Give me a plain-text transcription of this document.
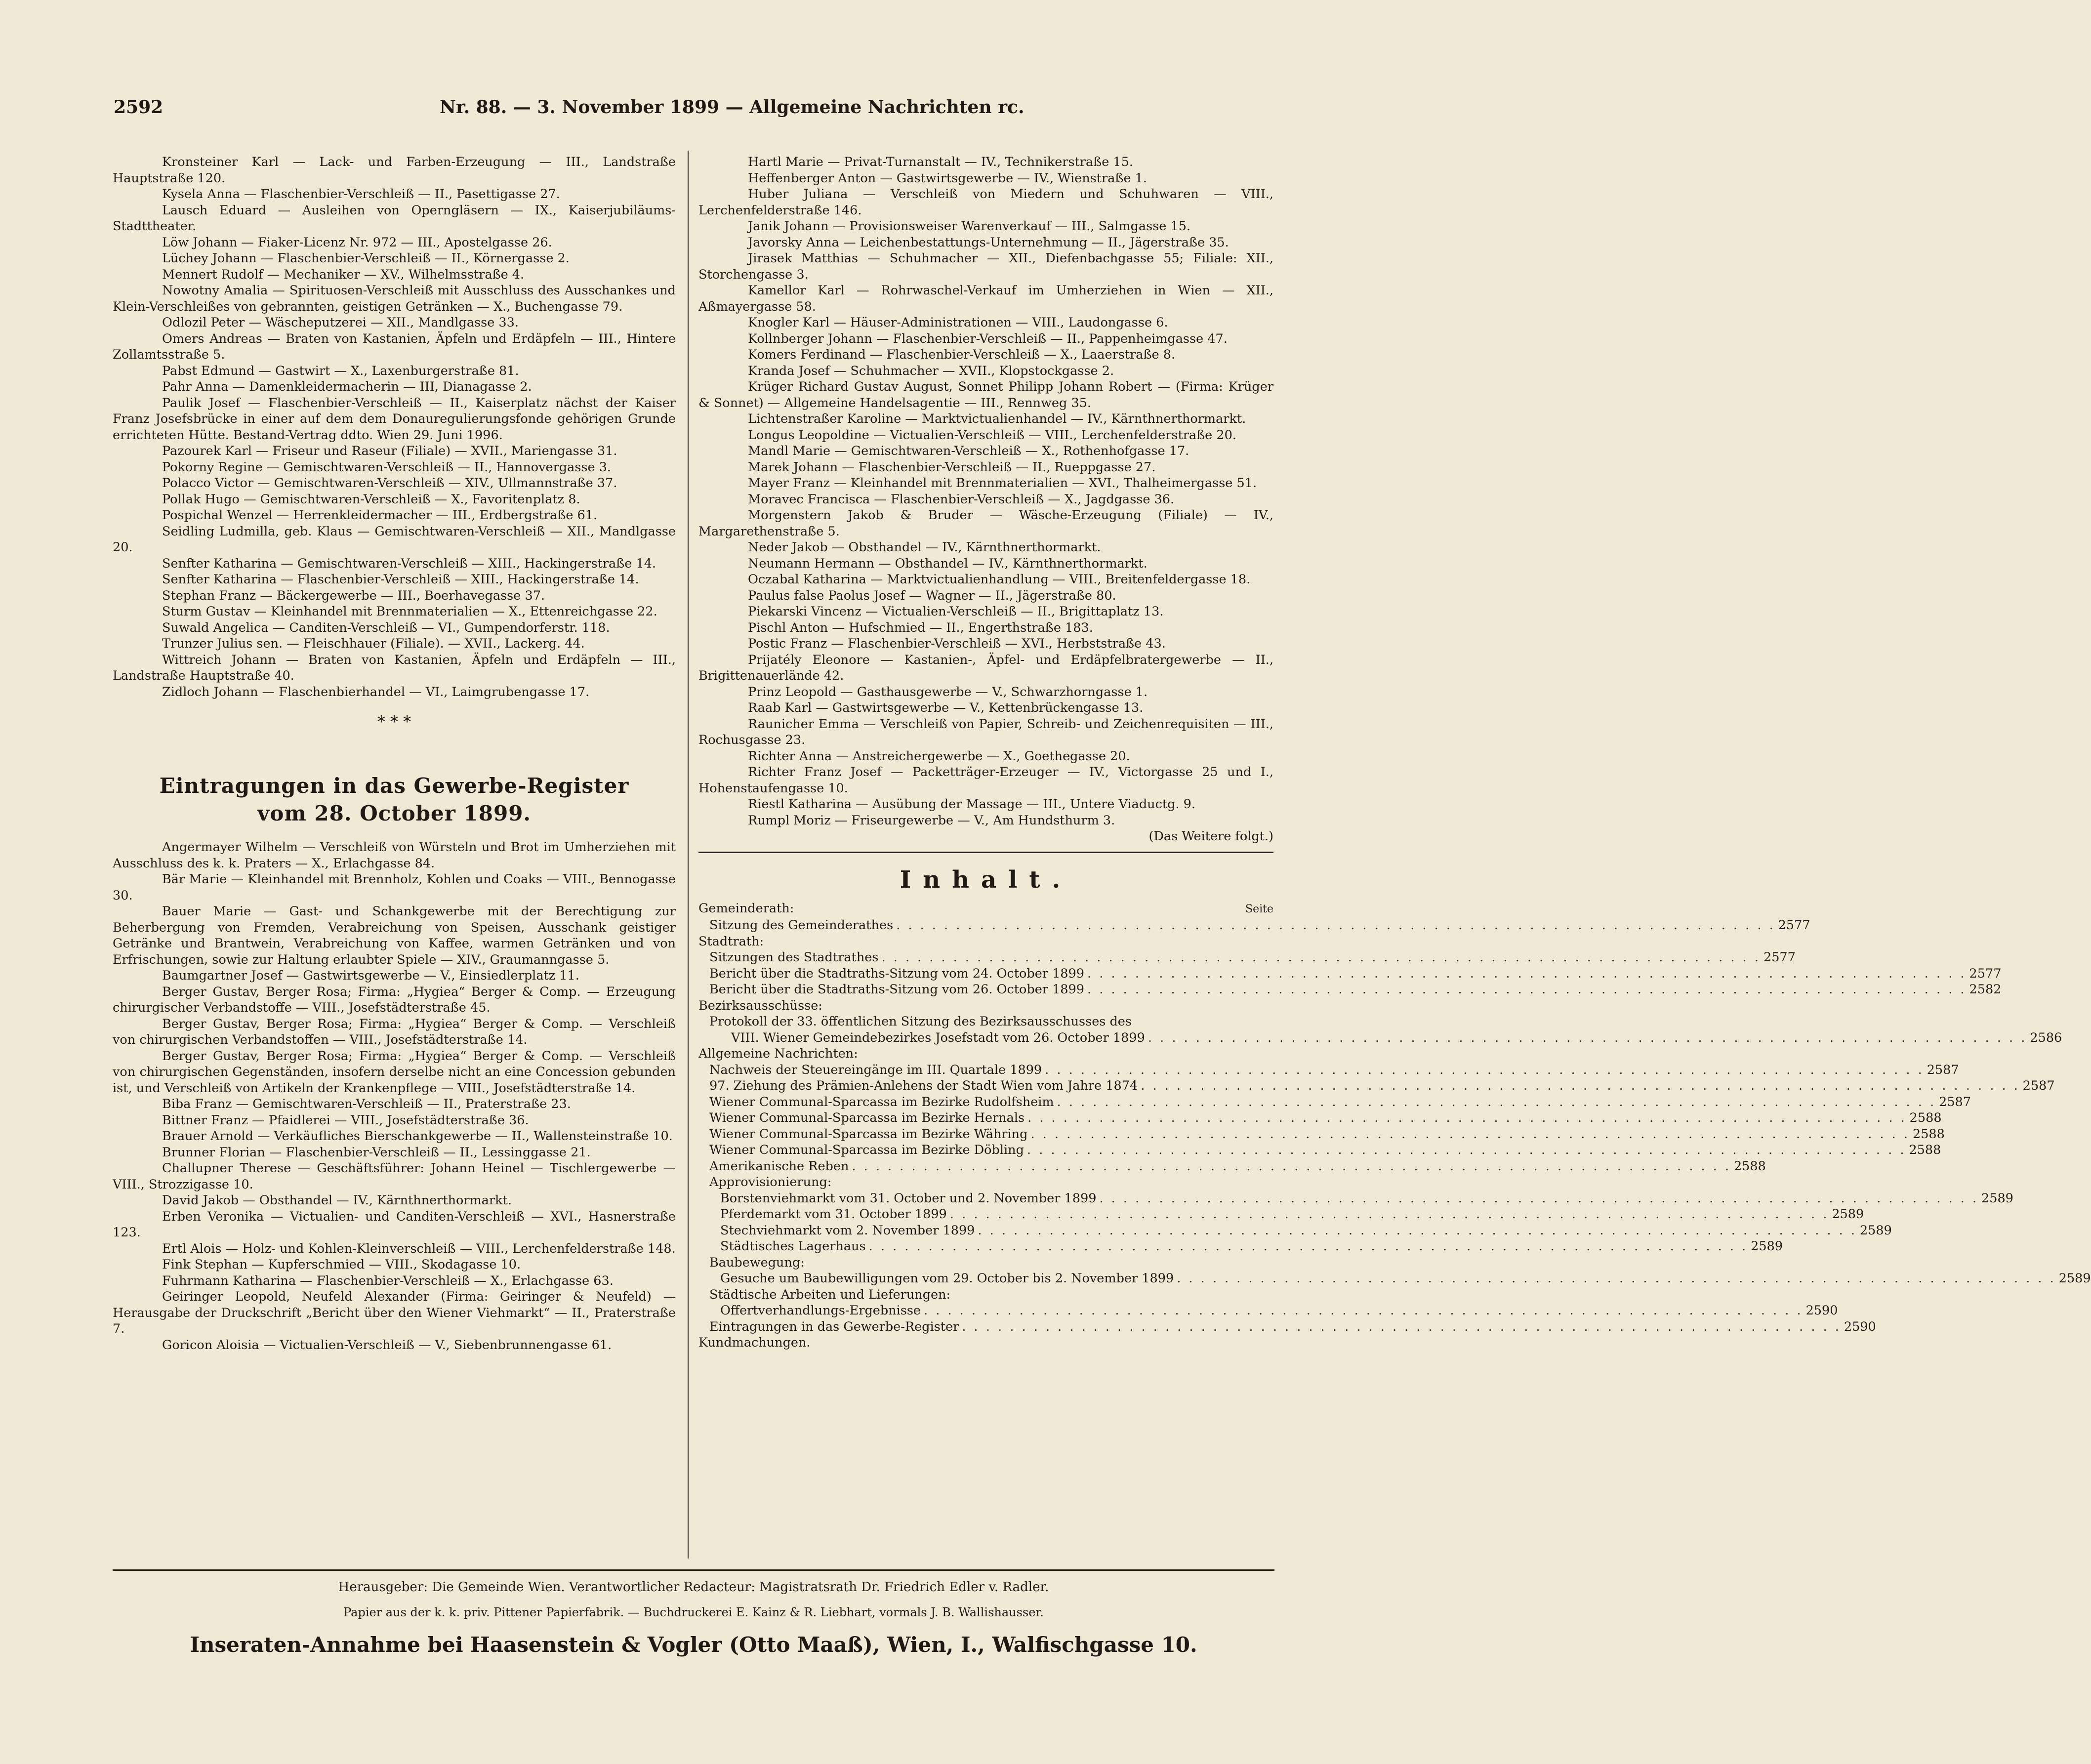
2592	Nr. 88. — 3. November 1899 — Allgemeine Nachrichten rc.

Kronsteiner Karl — Lack- und Farben-Erzeugung — III., Landstraße Hauptstraße 120.

Kysela Anna — Flaschenbier-Verschleiß — II., Pasettigasse 27.

Lausch Eduard — Ausleihen von Operngläsern — IX., Kaiserjubiläums-Stadttheater.

Löw Johann — Fiaker-Licenz Nr. 972 — III., Apostelgasse 26.

Lüchey Johann — Flaschenbier-Verschleiß — II., Körnergasse 2.

Mennert Rudolf — Mechaniker — XV., Wilhelmsstraße 4.

Nowotny Amalia — Spirituosen-Verschleiß mit Ausschluss des Ausschankes und Klein-Verschleißes von gebrannten, geistigen Getränken — X., Buchengasse 79.

Odlozil Peter — Wäscheputzerei — XII., Mandlgasse 33.

Omers Andreas — Braten von Kastanien, Äpfeln und Erdäpfeln — III., Hintere Zollamtsstraße 5.

Pabst Edmund — Gastwirt — X., Laxenburgerstraße 81.

Pahr Anna — Damenkleidermacherin — III, Dianagasse 2.

Paulik Josef — Flaschenbier-Verschleiß — II., Kaiserplatz nächst der Kaiser Franz Josefsbrücke in einer auf dem dem Donauregulierungsfonde gehörigen Grunde errichteten Hütte. Bestand-Vertrag ddto. Wien 29. Juni 1996.

Pazourek Karl — Friseur und Raseur (Filiale) — XVII., Mariengasse 31.

Pokorny Regine — Gemischtwaren-Verschleiß — II., Hannovergasse 3.

Polacco Victor — Gemischtwaren-Verschleiß — XIV., Ullmannstraße 37.

Pollak Hugo — Gemischtwaren-Verschleiß — X., Favoritenplatz 8.

Pospichal Wenzel — Herrenkleidermacher — III., Erdbergstraße 61.

Seidling Ludmilla, geb. Klaus — Gemischtwaren-Verschleiß — XII., Mandlgasse 20.

Senfter Katharina — Gemischtwaren-Verschleiß — XIII., Hackingerstraße 14.

Senfter Katharina — Flaschenbier-Verschleiß — XIII., Hackingerstraße 14.

Stephan Franz — Bäckergewerbe — III., Boerhavegasse 37.

Sturm Gustav — Kleinhandel mit Brennmaterialien — X., Ettenreichgasse 22.

Suwald Angelica — Canditen-Verschleiß — VI., Gumpendorferstr. 118.

Trunzer Julius sen. — Fleischhauer (Filiale). — XVII., Lackerg. 44.

Wittreich Johann — Braten von Kastanien, Äpfeln und Erdäpfeln — III., Landstraße Hauptstraße 40.

Zidloch Johann — Flaschenbierhandel — VI., Laimgrubengasse 17.

* * *

Eintragungen in das Gewerbe-Register

vom 28. October 1899.

Angermayer Wilhelm — Verschleiß von Würsteln und Brot im Umherziehen mit Ausschluss des k. k. Praters — X., Erlachgasse 84.

Bär Marie — Kleinhandel mit Brennholz, Kohlen und Coaks — VIII., Bennogasse 30.

Bauer Marie — Gast- und Schankgewerbe mit der Berechtigung zur Beherbergung von Fremden, Verabreichung von Speisen, Ausschank geistiger Getränke und Brantwein, Verabreichung von Kaffee, warmen Getränken und von Erfrischungen, sowie zur Haltung erlaubter Spiele — XIV., Graumanngasse 5.

Baumgartner Josef — Gastwirtsgewerbe — V., Einsiedlerplatz 11.

Berger Gustav, Berger Rosa; Firma: „Hygiea“ Berger & Comp. — Erzeugung chirurgischer Verbandstoffe — VIII., Josefstädterstraße 45.

Berger Gustav, Berger Rosa; Firma: „Hygiea“ Berger & Comp. — Verschleiß von chirurgischen Verbandstoffen — VIII., Josefstädterstraße 14.

Berger Gustav, Berger Rosa; Firma: „Hygiea“ Berger & Comp. — Verschleiß von chirurgischen Gegenständen, insofern derselbe nicht an eine Concession gebunden ist, und Verschleiß von Artikeln der Krankenpflege — VIII., Josefstädterstraße 14.

Biba Franz — Gemischtwaren-Verschleiß — II., Praterstraße 23.

Bittner Franz — Pfaidlerei — VIII., Josefstädterstraße 36.

Brauer Arnold — Verkäufliches Bierschankgewerbe — II., Wallensteinstraße 10.

Brunner Florian — Flaschenbier-Verschleiß — II., Lessinggasse 21.

Challupner Therese — Geschäftsführer: Johann Heinel — Tischlergewerbe — VIII., Strozzigasse 10.

David Jakob — Obsthandel — IV., Kärnthnerthormarkt.

Erben Veronika — Victualien- und Canditen-Verschleiß — XVI., Hasnerstraße 123.

Ertl Alois — Holz- und Kohlen-Kleinverschleiß — VIII., Lerchenfelderstraße 148.

Fink Stephan — Kupferschmied — VIII., Skodagasse 10.

Fuhrmann Katharina — Flaschenbier-Verschleiß — X., Erlachgasse 63.

Geiringer Leopold, Neufeld Alexander (Firma: Geiringer & Neufeld) — Herausgabe der Druckschrift „Bericht über den Wiener Viehmarkt“ — II., Praterstraße 7.

Goricon Aloisia — Victualien-Verschleiß — V., Siebenbrunnengasse 61.

Hartl Marie — Privat-Turnanstalt — IV., Technikerstraße 15.

Heffenberger Anton — Gastwirtsgewerbe — IV., Wienstraße 1.

Huber Juliana — Verschleiß von Miedern und Schuhwaren — VIII., Lerchenfelderstraße 146.

Janik Johann — Provisionsweiser Warenverkauf — III., Salmgasse 15.

Javorsky Anna — Leichenbestattungs-Unternehmung — II., Jägerstraße 35.

Jirasek Matthias — Schuhmacher — XII., Diefenbachgasse 55; Filiale: XII., Storchengasse 3.

Kamellor Karl — Rohrwaschel-Verkauf im Umherziehen in Wien — XII., Aßmayergasse 58.

Knogler Karl — Häuser-Administrationen — VIII., Laudongasse 6.

Kollnberger Johann — Flaschenbier-Verschleiß — II., Pappenheimgasse 47.

Komers Ferdinand — Flaschenbier-Verschleiß — X., Laaerstraße 8.

Kranda Josef — Schuhmacher — XVII., Klopstockgasse 2.

Krüger Richard Gustav August, Sonnet Philipp Johann Robert — (Firma: Krüger & Sonnet) — Allgemeine Handelsagentie — III., Rennweg 35.

Lichtenstraßer Karoline — Marktvictualienhandel — IV., Kärnthnerthormarkt.

Longus Leopoldine — Victualien-Verschleiß — VIII., Lerchenfelderstraße 20.

Mandl Marie — Gemischtwaren-Verschleiß — X., Rothenhofgasse 17.

Marek Johann — Flaschenbier-Verschleiß — II., Rueppgasse 27.

Mayer Franz — Kleinhandel mit Brennmaterialien — XVI., Thalheimergasse 51.

Moravec Francisca — Flaschenbier-Verschleiß — X., Jagdgasse 36.

Morgenstern Jakob & Bruder — Wäsche-Erzeugung (Filiale) — IV., Margarethenstraße 5.

Neder Jakob — Obsthandel — IV., Kärnthnerthormarkt.

Neumann Hermann — Obsthandel — IV., Kärnthnerthormarkt.

Oczabal Katharina — Marktvictualienhandlung — VIII., Breitenfeldergasse 18.

Paulus false Paolus Josef — Wagner — II., Jägerstraße 80.

Piekarski Vincenz — Victualien-Verschleiß — II., Brigittaplatz 13.

Pischl Anton — Hufschmied — II., Engerthstraße 183.

Postic Franz — Flaschenbier-Verschleiß — XVI., Herbststraße 43.

Prijatély Eleonore — Kastanien-, Äpfel- und Erdäpfelbratergewerbe — II., Brigittenauerlände 42.

Prinz Leopold — Gasthausgewerbe — V., Schwarzhorngasse 1.

Raab Karl — Gastwirtsgewerbe — V., Kettenbrückengasse 13.

Raunicher Emma — Verschleiß von Papier, Schreib- und Zeichenrequisiten — III., Rochusgasse 23.

Richter Anna — Anstreichergewerbe — X., Goethegasse 20.

Richter Franz Josef — Packetträger-Erzeuger — IV., Victorgasse 25 und I., Hohenstaufengasse 10.

Riestl Katharina — Ausübung der Massage — III., Untere Viaductg. 9.

Rumpl Moriz — Friseurgewerbe — V., Am Hundsthurm 3.

(Das Weitere folgt.)

Inhalt.

Gemeinderath:	Seite
Sitzung des Gemeinderathes . . .	2577
Stadtrath:
Sitzungen des Stadtrathes . . .	2577
Bericht über die Stadtraths-Sitzung vom 24. October 1899 . . .	2577
Bericht über die Stadtraths-Sitzung vom 26. October 1899 . . .	2582
Bezirksausschüsse:
Protokoll der 33. öffentlichen Sitzung des Bezirksausschusses des
VIII. Wiener Gemeindebezirkes Josefstadt vom 26. October 1899 . . .	2586
Allgemeine Nachrichten:
Nachweis der Steuereingänge im III. Quartale 1899 . . .	2587
97. Ziehung des Prämien-Anlehens der Stadt Wien vom Jahre 1874 . . .	2587
Wiener Communal-Sparcassa im Bezirke Rudolfsheim . . .	2587
Wiener Communal-Sparcassa im Bezirke Hernals . . .	2588
Wiener Communal-Sparcassa im Bezirke Währing . . .	2588
Wiener Communal-Sparcassa im Bezirke Döbling . . .	2588
Amerikanische Reben . . .	2588
Approvisionierung:
Borstenviehmarkt vom 31. October und 2. November 1899 . . .	2589
Pferdemarkt vom 31. October 1899 . . .	2589
Stechviehmarkt vom 2. November 1899 . . .	2589
Städtisches Lagerhaus . . .	2589
Baubewegung:
Gesuche um Baubewilligungen vom 29. October bis 2. November 1899 . . .	2589
Städtische Arbeiten und Lieferungen:
Offertverhandlungs-Ergebnisse . . .	2590
Eintragungen in das Gewerbe-Register . . .	2590
Kundmachungen.
Herausgeber: Die Gemeinde Wien. Verantwortlicher Redacteur: Magistratsrath Dr. Friedrich Edler v. Radler.
Papier aus der k. k. priv. Pittener Papierfabrik. — Buchdruckerei E. Kainz & R. Liebhart, vormals J. B. Wallishausser.
Inseraten-Annahme bei Haasenstein & Vogler (Otto Maaß), Wien, I., Walfischgasse 10.
